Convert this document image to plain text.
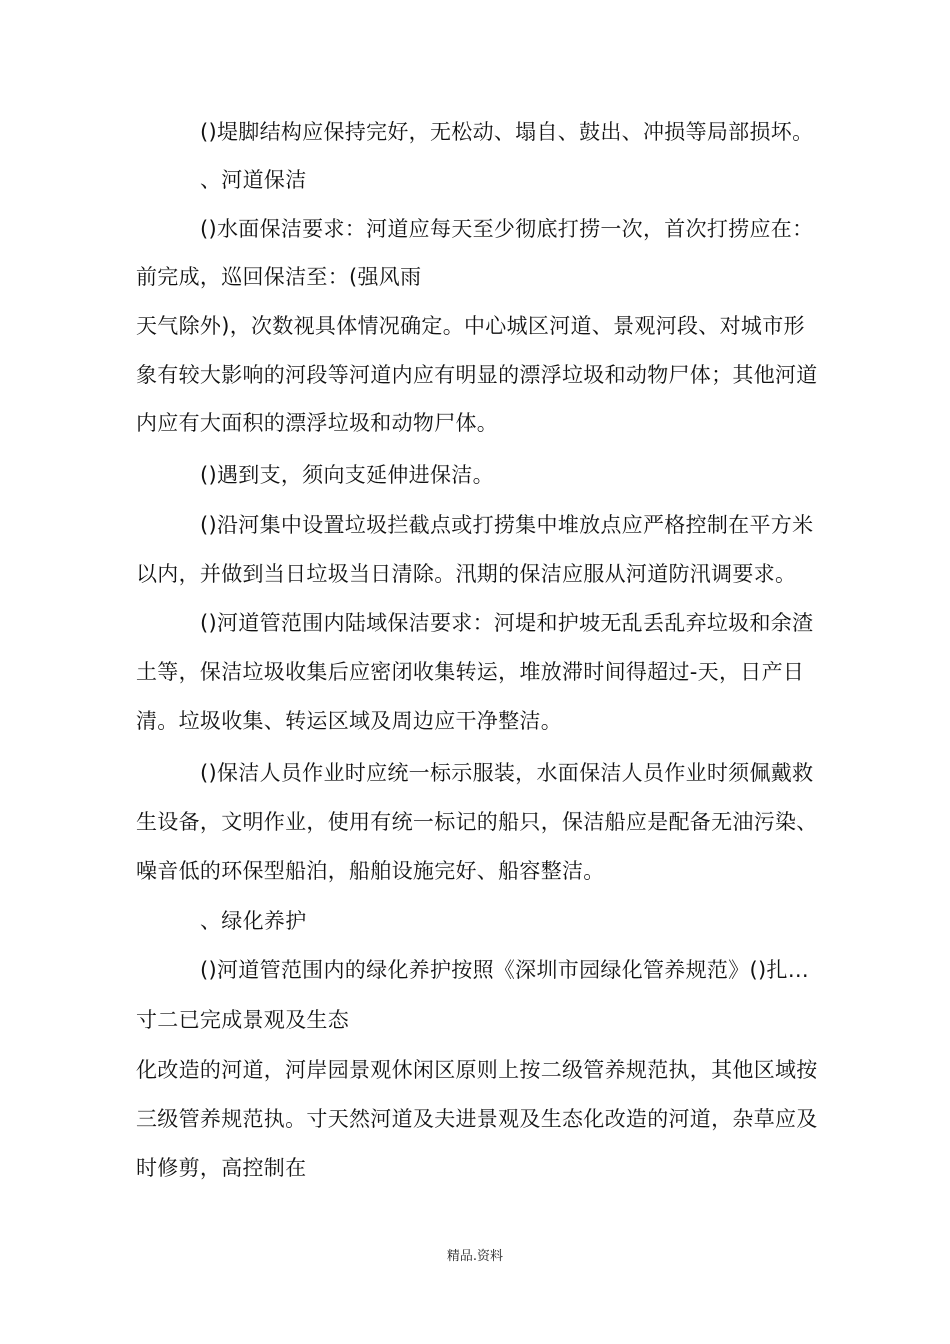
()堤脚结构应保持完好，无松动、塌自、鼓出、冲损等局部损坏。
、河道保洁
()水面保洁要求：河道应每天至少彻底打捞一次，首次打捞应在：
前完成，巡回保洁至：(强风雨
天气除外)，次数视具体情况确定。中心城区河道、景观河段、对城市形
象有较大影响的河段等河道内应有明显的漂浮垃圾和动物尸体；其他河道
内应有大面积的漂浮垃圾和动物尸体。
()遇到支，须向支延伸进保洁。
()沿河集中设置垃圾拦截点或打捞集中堆放点应严格控制在平方米
以内，并做到当日垃圾当日清除。汛期的保洁应服从河道防汛调要求。
()河道管范围内陆域保洁要求：河堤和护坡无乱丢乱弃垃圾和余渣
土等，保洁垃圾收集后应密闭收集转运，堆放滞时间得超过-天，日产日
清。垃圾收集、转运区域及周边应干净整洁。
()保洁人员作业时应统一标示服装，水面保洁人员作业时须佩戴救
生设备，文明作业，使用有统一标记的船只，保洁船应是配备无油污染、
噪音低的环保型船泊，船舶设施完好、船容整洁。
、绿化养护
()河道管范围内的绿化养护按照《深圳市园绿化管养规范》()扎…
寸二已完成景观及生态
化改造的河道，河岸园景观休闲区原则上按二级管养规范执，其他区域按
三级管养规范执。寸天然河道及夫进景观及生态化改造的河道，杂草应及
时修剪，高控制在
精品.资料
